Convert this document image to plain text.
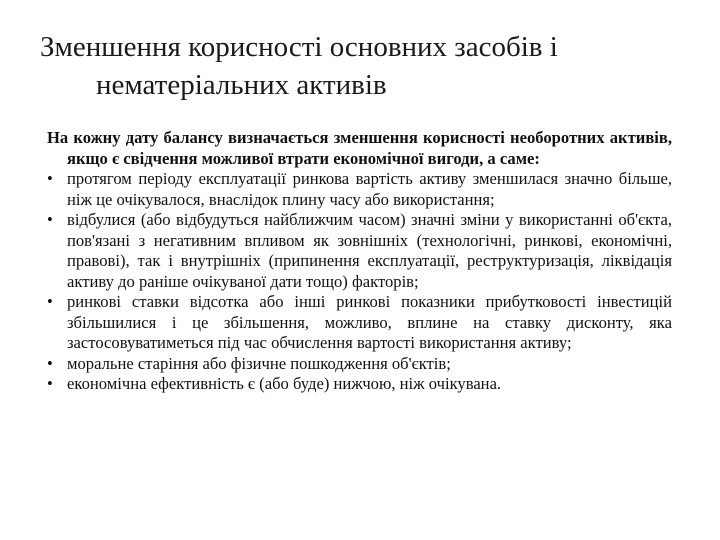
Зменшення корисності основних засобів і
нематеріальних активів

На кожну дату балансу визначається зменшення корисності необоротних активів, якщо є свідчення можливої втрати економічної вигоди, а саме:

• протягом періоду експлуатації ринкова вартість активу зменшилася значно більше, ніж це очікувалося, внаслідок плину часу або використання;
• відбулися (або відбудуться найближчим часом) значні зміни у використанні об'єкта, пов'язані з негативним впливом як зовнішніх (технологічні, ринкові, економічні, правові), так і внутрішніх (припинення експлуатації, реструктуризація, ліквідація активу до раніше очікуваної дати тощо) факторів;
• ринкові ставки відсотка або інші ринкові показники прибутковості інвестицій збільшилися і це збільшення, можливо, вплине на ставку дисконту, яка застосовуватиметься під час обчислення вартості використання активу;
• моральне старіння або фізичне пошкодження об'єктів;
• економічна ефективність є (або буде) нижчою, ніж очікувана.
